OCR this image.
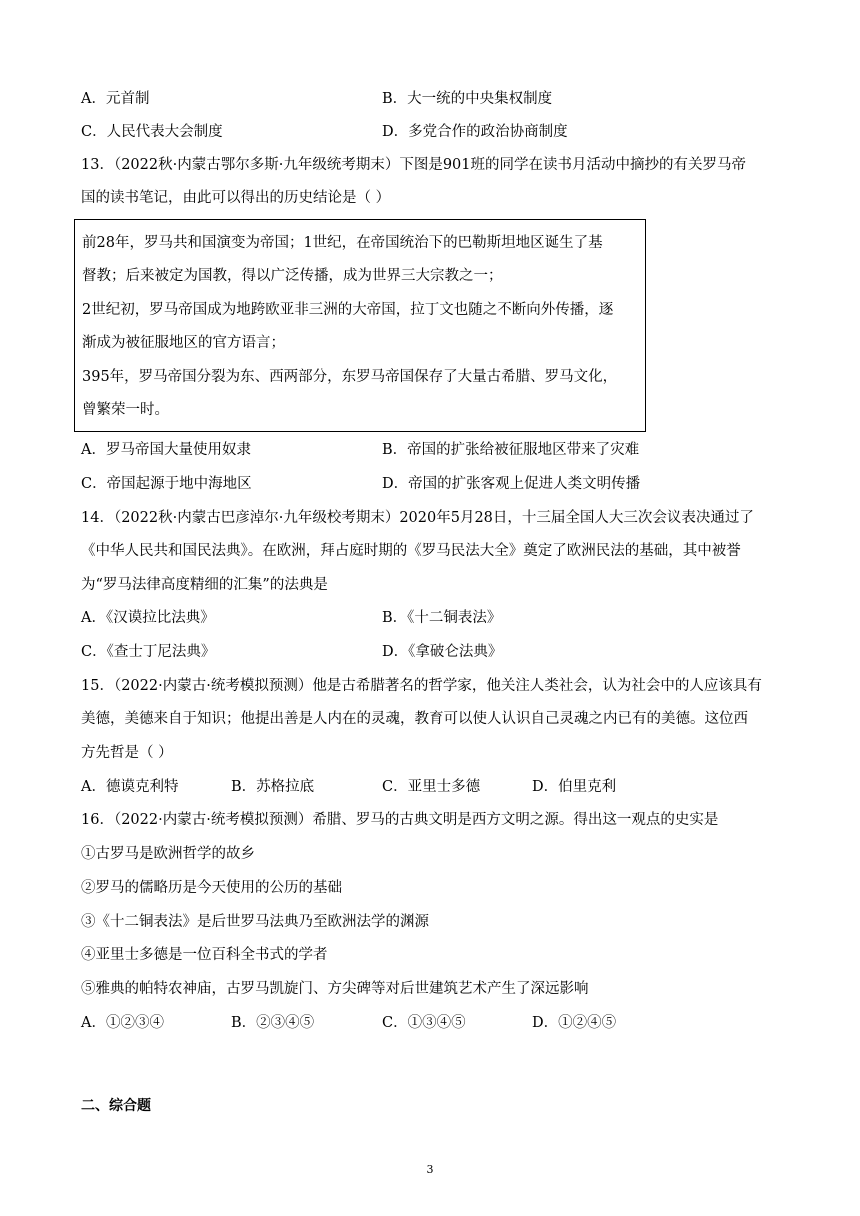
A．元首制	B．大一统的中央集权制度
C．人民代表大会制度	D．多党合作的政治协商制度
13．（2022秋·内蒙古鄂尔多斯·九年级统考期末）下图是901班的同学在读书月活动中摘抄的有关罗马帝
国的读书笔记，由此可以得出的历史结论是（ ）
前28年，罗马共和国演变为帝国；1世纪，在帝国统治下的巴勒斯坦地区诞生了基
督教；后来被定为国教，得以广泛传播，成为世界三大宗教之一；
2世纪初，罗马帝国成为地跨欧亚非三洲的大帝国，拉丁文也随之不断向外传播，逐
渐成为被征服地区的官方语言；
395年，罗马帝国分裂为东、西两部分，东罗马帝国保存了大量古希腊、罗马文化，
曾繁荣一时。
A．罗马帝国大量使用奴隶	B．帝国的扩张给被征服地区带来了灾难
C．帝国起源于地中海地区	D．帝国的扩张客观上促进人类文明传播
14．（2022秋·内蒙古巴彦淖尔·九年级校考期末）2020年5月28日，十三届全国人大三次会议表决通过了
《中华人民共和国民法典》。在欧洲，拜占庭时期的《罗马民法大全》奠定了欧洲民法的基础，其中被誉
为“罗马法律高度精细的汇集”的法典是
A．《汉谟拉比法典》	B．《十二铜表法》
C．《查士丁尼法典》	D．《拿破仑法典》
15．（2022·内蒙古·统考模拟预测）他是古希腊著名的哲学家，他关注人类社会，认为社会中的人应该具有
美德，美德来自于知识；他提出善是人内在的灵魂，教育可以使人认识自己灵魂之内已有的美德。这位西
方先哲是（ ）
A．德谟克利特	B．苏格拉底	C．亚里士多德	D．伯里克利
16．（2022·内蒙古·统考模拟预测）希腊、罗马的古典文明是西方文明之源。得出这一观点的史实是
①古罗马是欧洲哲学的故乡
②罗马的儒略历是今天使用的公历的基础
③《十二铜表法》是后世罗马法典乃至欧洲法学的渊源
④亚里士多德是一位百科全书式的学者
⑤雅典的帕特农神庙，古罗马凯旋门、方尖碑等对后世建筑艺术产生了深远影响
A．①②③④	B．②③④⑤	C．①③④⑤	D．①②④⑤
二、综合题
3
